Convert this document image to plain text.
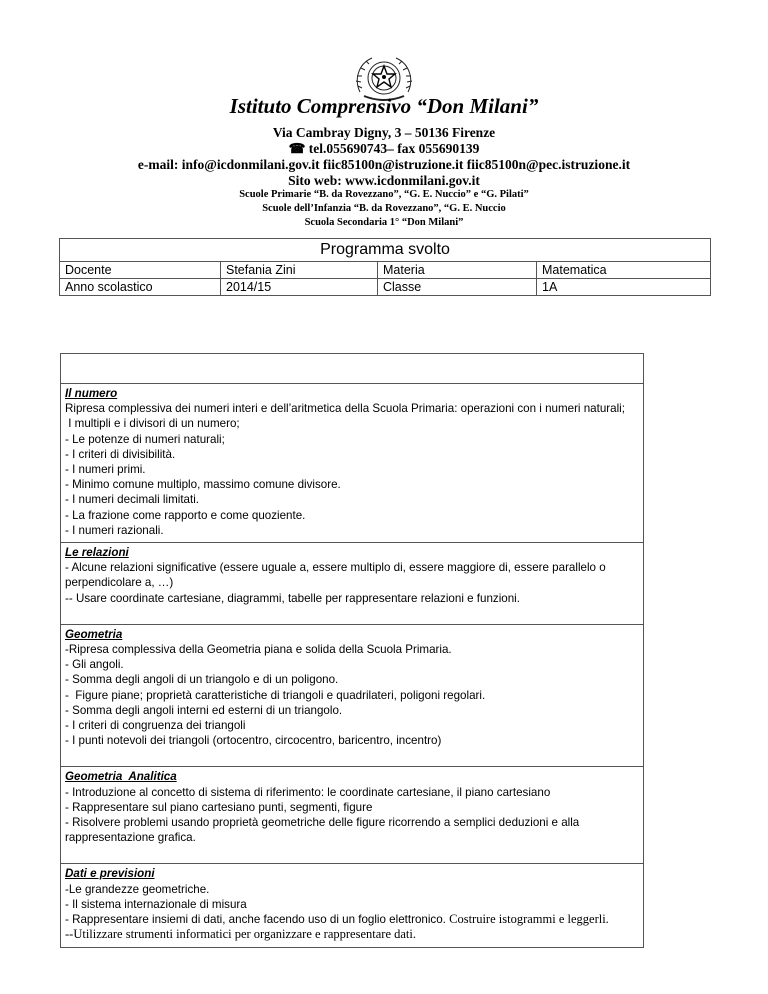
Istituto Comprensivo “Don Milani”
Via Cambray Digny, 3 – 50136 Firenze
☎ tel.055690743– fax 055690139
e-mail: info@icdonmilani.gov.it fiic85100n@istruzione.it fiic85100n@pec.istruzione.it
Sito web: www.icdonmilani.gov.it
Scuole Primarie “B. da Rovezzano”, “G. E. Nuccio” e “G. Pilati”
Scuole dell’Infanzia “B. da Rovezzano”, “G. E. Nuccio
Scuola Secondaria 1° “Don Milani”
Programma svolto			
Docente	Stefania Zini	Materia	Matematica
Anno scolastico	2014/15	Classe	1A
Il numero
Ripresa complessiva dei numeri interi e dell’aritmetica della Scuola Primaria: operazioni con i numeri naturali;
I multipli e i divisori di un numero;
- Le potenze di numeri naturali;
- I criteri di divisibilità.
- I numeri primi.
- Minimo comune multiplo, massimo comune divisore.
- I numeri decimali limitati.
- La frazione come rapporto e come quoziente.
- I numeri razionali.
Le relazioni
- Alcune relazioni significative (essere uguale a, essere multiplo di, essere maggiore di, essere parallelo o perpendicolare a, …)
-- Usare coordinate cartesiane, diagrammi, tabelle per rappresentare relazioni e funzioni.
Geometria
-Ripresa complessiva della Geometria piana e solida della Scuola Primaria.
- Gli angoli.
- Somma degli angoli di un triangolo e di un poligono.
-  Figure piane; proprietà caratteristiche di triangoli e quadrilateri, poligoni regolari.
- Somma degli angoli interni ed esterni di un triangolo.
- I criteri di congruenza dei triangoli
- I punti notevoli dei triangoli (ortocentro, circocentro, baricentro, incentro)
Geometria  Analitica
- Introduzione al concetto di sistema di riferimento: le coordinate cartesiane, il piano cartesiano
- Rappresentare sul piano cartesiano punti, segmenti, figure
- Risolvere problemi usando proprietà geometriche delle figure ricorrendo a semplici deduzioni e alla rappresentazione grafica.
Dati e previsioni
-Le grandezze geometriche.
- Il sistema internazionale di misura
- Rappresentare insiemi di dati, anche facendo uso di un foglio elettronico. Costruire istogrammi e leggerli.
--Utilizzare strumenti informatici per organizzare e rappresentare dati.
